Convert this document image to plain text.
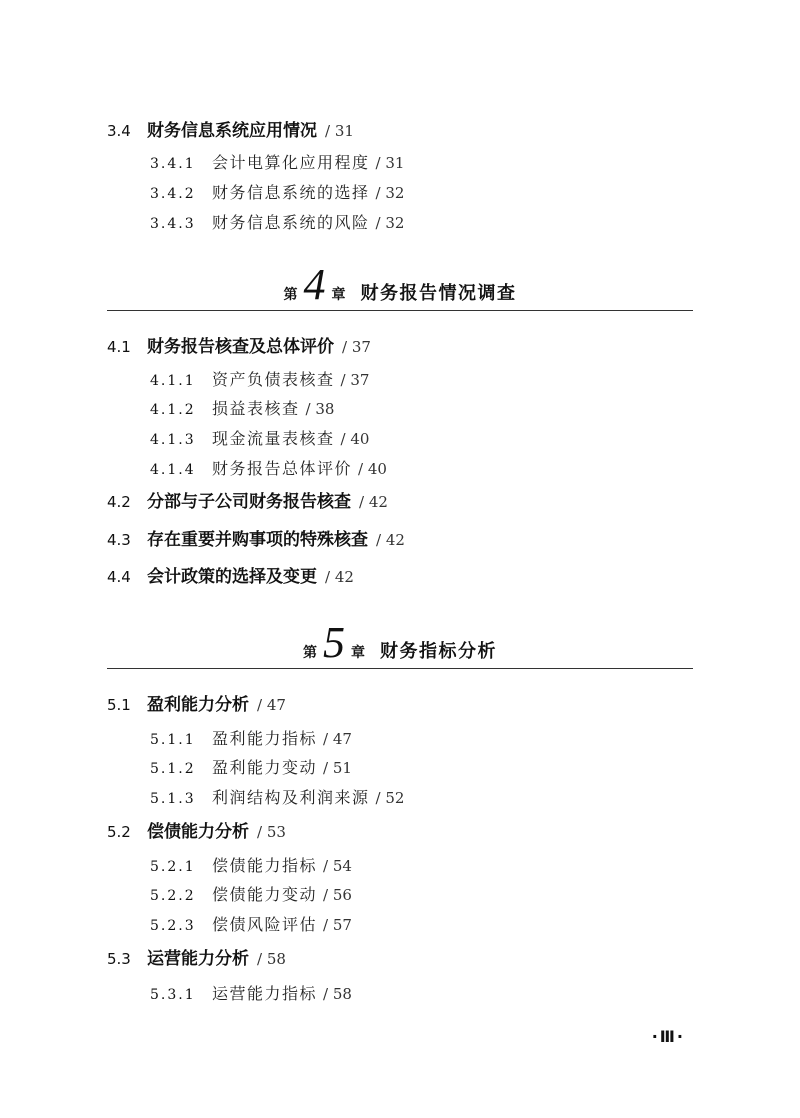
3.4 财务信息系统应用情况 / 31
3.4.1 会计电算化应用程度 / 31
3.4.2 财务信息系统的选择 / 32
3.4.3 财务信息系统的风险 / 32
第 4 章 财务报告情况调查
4.1 财务报告核查及总体评价 / 37
4.1.1 资产负债表核查 / 37
4.1.2 损益表核查 / 38
4.1.3 现金流量表核查 / 40
4.1.4 财务报告总体评价 / 40
4.2 分部与子公司财务报告核查 / 42
4.3 存在重要并购事项的特殊核查 / 42
4.4 会计政策的选择及变更 / 42
第 5 章 财务指标分析
5.1 盈利能力分析 / 47
5.1.1 盈利能力指标 / 47
5.1.2 盈利能力变动 / 51
5.1.3 利润结构及利润来源 / 52
5.2 偿债能力分析 / 53
5.2.1 偿债能力指标 / 54
5.2.2 偿债能力变动 / 56
5.2.3 偿债风险评估 / 57
5.3 运营能力分析 / 58
5.3.1 运营能力指标 / 58
·Ⅲ·
